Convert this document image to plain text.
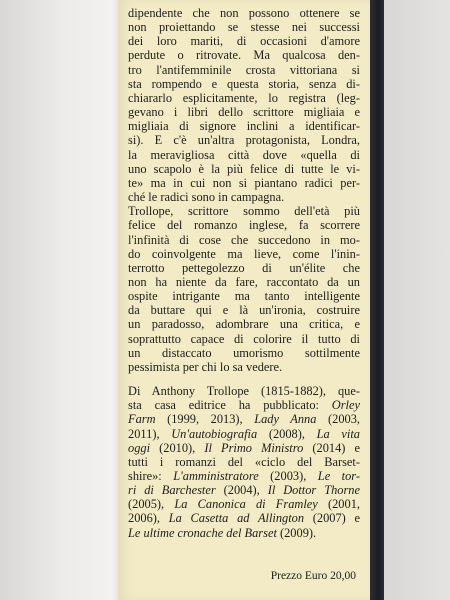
dipendente che non possono ottenere se
non proiettando se stesse nei successi
dei loro mariti, di occasioni d'amore
perdute o ritrovate. Ma qualcosa den-
tro l'antifemminile crosta vittoriana si
sta rompendo e questa storia, senza di-
chiararlo esplicitamente, lo registra (leg-
gevano i libri dello scrittore migliaia e
migliaia di signore inclini a identificar-
si). E c'è un'altra protagonista, Londra,
la meravigliosa città dove «quella di
uno scapolo è la più felice di tutte le vi-
te» ma in cui non si piantano radici per-
ché le radici sono in campagna.
Trollope, scrittore sommo dell'età più
felice del romanzo inglese, fa scorrere
l'infinità di cose che succedono in mo-
do coinvolgente ma lieve, come l'inin-
terrotto pettegolezzo di un'élite che
non ha niente da fare, raccontato da un
ospite intrigante ma tanto intelligente
da buttare qui e là un'ironia, costruire
un paradosso, adombrare una critica, e
soprattutto capace di colorire il tutto di
un distaccato umorismo sottilmente
pessimista per chi lo sa vedere.
Di Anthony Trollope (1815-1882), que-
sta casa editrice ha pubblicato: Orley
Farm (1999, 2013), Lady Anna (2003,
2011), Un'autobiografia (2008), La vita
oggi (2010), Il Primo Ministro (2014) e
tutti i romanzi del «ciclo del Barset-
shire»: L'amministratore (2003), Le tor-
ri di Barchester (2004), Il Dottor Thorne
(2005), La Canonica di Framley (2001,
2006), La Casetta ad Allington (2007) e
Le ultime cronache del Barset (2009).
Prezzo Euro 20,00
